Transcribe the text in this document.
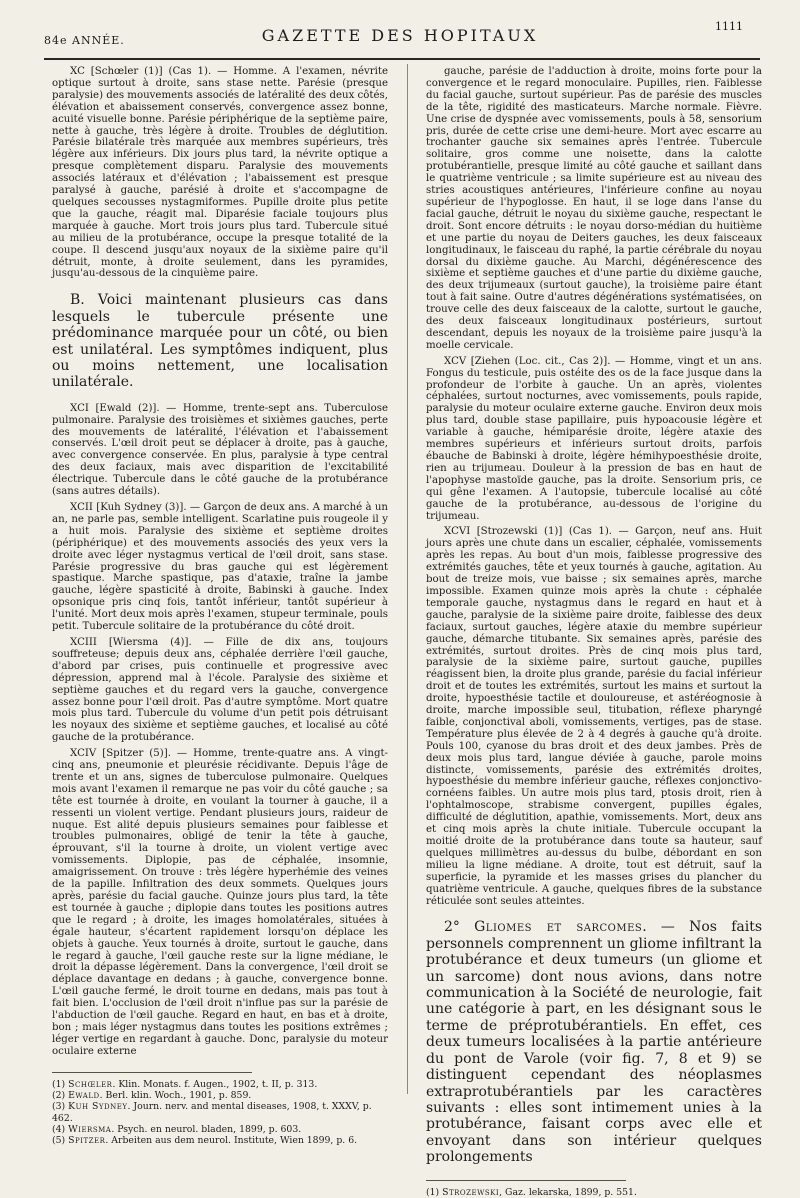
84e ANNÉE.	GAZETTE DES HOPITAUX	1111

XC [Schœler (1)] (Cas 1). — Homme. A l'examen, névrite optique surtout à droite, sans stase nette. Parésie (presque paralysie) des mouvements associés de latéralité des deux côtés, élévation et abaissement conservés, convergence assez bonne, acuité visuelle bonne. Parésie périphérique de la septième paire, nette à gauche, très légère à droite. Troubles de déglutition. Parésie bilatérale très marquée aux membres supérieurs, très légère aux inférieurs. Dix jours plus tard, la névrite optique a presque complètement disparu. Paralysie des mouvements associés latéraux et d'élévation ; l'abaissement est presque paralysé à gauche, parésié à droite et s'accompagne de quelques secousses nystagmiformes. Pupille droite plus petite que la gauche, réagit mal. Diparésie faciale toujours plus marquée à gauche. Mort trois jours plus tard. Tubercule situé au milieu de la protubérance, occupe la presque totalité de la coupe. Il descend jusqu'aux noyaux de la sixième paire qu'il détruit, monte, à droite seulement, dans les pyramides, jusqu'au-dessous de la cinquième paire.

B. Voici maintenant plusieurs cas dans lesquels le tubercule présente une prédominance marquée pour un côté, ou bien est unilatéral. Les symptômes indiquent, plus ou moins nettement, une localisation unilatérale.

XCI [Ewald (2)]. — Homme, trente-sept ans. Tuberculose pulmonaire. Paralysie des troisièmes et sixièmes gauches, perte des mouvements de latéralité, l'élévation et l'abaissement conservés. L'œil droit peut se déplacer à droite, pas à gauche, avec convergence conservée. En plus, paralysie à type central des deux faciaux, mais avec disparition de l'excitabilité électrique. Tubercule dans le côté gauche de la protubérance (sans autres détails).

XCII [Kuh Sydney (3)]. — Garçon de deux ans. A marché à un an, ne parle pas, semble intelligent. Scarlatine puis rougeole il y a huit mois. Paralysie des sixième et septième droites (périphérique) et des mouvements associés des yeux vers la droite avec léger nystagmus vertical de l'œil droit, sans stase. Parésie progressive du bras gauche qui est légèrement spastique. Marche spastique, pas d'ataxie, traîne la jambe gauche, légère spasticité à droite, Babinski à gauche. Index opsonique pris cinq fois, tantôt inférieur, tantôt supérieur à l'unité. Mort deux mois après l'examen, stupeur terminale, pouls petit. Tubercule solitaire de la protubérance du côté droit.

XCIII [Wiersma (4)]. — Fille de dix ans, toujours souffreteuse; depuis deux ans, céphalée derrière l'œil gauche, d'abord par crises, puis continuelle et progressive avec dépression, apprend mal à l'école. Paralysie des sixième et septième gauches et du regard vers la gauche, convergence assez bonne pour l'œil droit. Pas d'autre symptôme. Mort quatre mois plus tard. Tubercule du volume d'un petit pois détruisant les noyaux des sixième et septième gauches, et localisé au côté gauche de la protubérance.

XCIV [Spitzer (5)]. — Homme, trente-quatre ans. A vingt-cinq ans, pneumonie et pleurésie récidivante. Depuis l'âge de trente et un ans, signes de tuberculose pulmonaire. Quelques mois avant l'examen il remarque ne pas voir du côté gauche ; sa tête est tournée à droite, en voulant la tourner à gauche, il a ressenti un violent vertige. Pendant plusieurs jours, raideur de nuque. Est alité depuis plusieurs semaines pour faiblesse et troubles pulmonaires, obligé de tenir la tête à gauche, éprouvant, s'il la tourne à droite, un violent vertige avec vomissements. Diplopie, pas de céphalée, insomnie, amaigrissement. On trouve : très légère hyperhémie des veines de la papille. Infiltration des deux sommets. Quelques jours après, parésie du facial gauche. Quinze jours plus tard, la tête est tournée à gauche ; diplopie dans toutes les positions autres que le regard ; à droite, les images homolatérales, situées à égale hauteur, s'écartent rapidement lorsqu'on déplace les objets à gauche. Yeux tournés à droite, surtout le gauche, dans le regard à gauche, l'œil gauche reste sur la ligne médiane, le droit la dépasse légèrement. Dans la convergence, l'œil droit se déplace davantage en dedans ; à gauche, convergence bonne. L'œil gauche fermé, le droit tourne en dedans, mais pas tout à fait bien. L'occlusion de l'œil droit n'influe pas sur la parésie de l'abduction de l'œil gauche. Regard en haut, en bas et à droite, bon ; mais léger nystagmus dans toutes les positions extrêmes ; léger vertige en regardant à gauche. Donc, paralysie du moteur oculaire externe

(1) Schœler. Klin. Monats. f. Augen., 1902, t. II, p. 313.
(2) Ewald. Berl. klin. Woch., 1901, p. 859.
(3) Kuh Sydney. Journ. nerv. and mental diseases, 1908, t. XXXV, p. 462.
(4) Wiersma. Psych. en neurol. bladen, 1899, p. 603.
(5) Spitzer. Arbeiten aus dem neurol. Institute, Wien 1899, p. 6.

gauche, parésie de l'adduction à droite, moins forte pour la convergence et le regard monoculaire. Pupilles, rien. Faiblesse du facial gauche, surtout supérieur. Pas de parésie des muscles de la tête, rigidité des masticateurs. Marche normale. Fièvre. Une crise de dyspnée avec vomissements, pouls à 58, sensorium pris, durée de cette crise une demi-heure. Mort avec escarre au trochanter gauche six semaines après l'entrée. Tubercule solitaire, gros comme une noisette, dans la calotte protubérantielle, presque limité au côté gauche et saillant dans le quatrième ventricule ; sa limite supérieure est au niveau des stries acoustiques antérieures, l'inférieure confine au noyau supérieur de l'hypoglosse. En haut, il se loge dans l'anse du facial gauche, détruit le noyau du sixième gauche, respectant le droit. Sont encore détruits : le noyau dorso-médian du huitième et une partie du noyau de Deiters gauches, les deux faisceaux longitudinaux, le faisceau du raphé, la partie cérébrale du noyau dorsal du dixième gauche. Au Marchi, dégénérescence des sixième et septième gauches et d'une partie du dixième gauche, des deux trijumeaux (surtout gauche), la troisième paire étant tout à fait saine. Outre d'autres dégénérations systématisées, on trouve celle des deux faisceaux de la calotte, surtout le gauche, des deux faisceaux longitudinaux postérieurs, surtout descendant, depuis les noyaux de la troisième paire jusqu'à la moelle cervicale.

XCV [Ziehen (Loc. cit., Cas 2)]. — Homme, vingt et un ans. Fongus du testicule, puis ostéite des os de la face jusque dans la profondeur de l'orbite à gauche. Un an après, violentes céphalées, surtout nocturnes, avec vomissements, pouls rapide, paralysie du moteur oculaire externe gauche. Environ deux mois plus tard, double stase papillaire, puis hypoacousie légère et variable à gauche, hémiparésie droite, légère ataxie des membres supérieurs et inférieurs surtout droits, parfois ébauche de Babinski à droite, légère hémihypoesthésie droite, rien au trijumeau. Douleur à la pression de bas en haut de l'apophyse mastoïde gauche, pas la droite. Sensorium pris, ce qui gêne l'examen. A l'autopsie, tubercule localisé au côté gauche de la protubérance, au-dessous de l'origine du trijumeau.

XCVI [Strozewski (1)] (Cas 1). — Garçon, neuf ans. Huit jours après une chute dans un escalier, céphalée, vomissements après les repas. Au bout d'un mois, faiblesse progressive des extrémités gauches, tête et yeux tournés à gauche, agitation. Au bout de treize mois, vue baisse ; six semaines après, marche impossible. Examen quinze mois après la chute : céphalée temporale gauche, nystagmus dans le regard en haut et à gauche, paralysie de la sixième paire droite, faiblesse des deux faciaux, surtout gauches, légère ataxie du membre supérieur gauche, démarche titubante. Six semaines après, parésie des extrémités, surtout droites. Près de cinq mois plus tard, paralysie de la sixième paire, surtout gauche, pupilles réagissent bien, la droite plus grande, parésie du facial inférieur droit et de toutes les extrémités, surtout les mains et surtout la droite, hypoesthésie tactile et douloureuse, et astéréognosie à droite, marche impossible seul, titubation, réflexe pharyngé faible, conjonctival aboli, vomissements, vertiges, pas de stase. Température plus élevée de 2 à 4 degrés à gauche qu'à droite. Pouls 100, cyanose du bras droit et des deux jambes. Près de deux mois plus tard, langue déviée à gauche, parole moins distincte, vomissements, parésie des extrémités droites, hypoesthésie du membre inférieur gauche, réflexes conjonctivo-cornéens faibles. Un autre mois plus tard, ptosis droit, rien à l'ophtalmoscope, strabisme convergent, pupilles égales, difficulté de déglutition, apathie, vomissements. Mort, deux ans et cinq mois après la chute initiale. Tubercule occupant la moitié droite de la protubérance dans toute sa hauteur, sauf quelques millimètres au-dessus du bulbe, débordant en son milieu la ligne médiane. A droite, tout est détruit, sauf la superficie, la pyramide et les masses grises du plancher du quatrième ventricule. A gauche, quelques fibres de la substance réticulée sont seules atteintes.

2° Gliomes et sarcomes. — Nos faits personnels comprennent un gliome infiltrant la protubérance et deux tumeurs (un gliome et un sarcome) dont nous avions, dans notre communication à la Société de neurologie, fait une catégorie à part, en les désignant sous le terme de préprotubérantiels. En effet, ces deux tumeurs localisées à la partie antérieure du pont de Varole (voir fig. 7, 8 et 9) se distinguent cependant des néoplasmes extraprotubérantiels par les caractères suivants : elles sont intimement unies à la protubérance, faisant corps avec elle et envoyant dans son intérieur quelques prolongements

(1) Strozewski, Gaz. lekarska, 1899, p. 551.
